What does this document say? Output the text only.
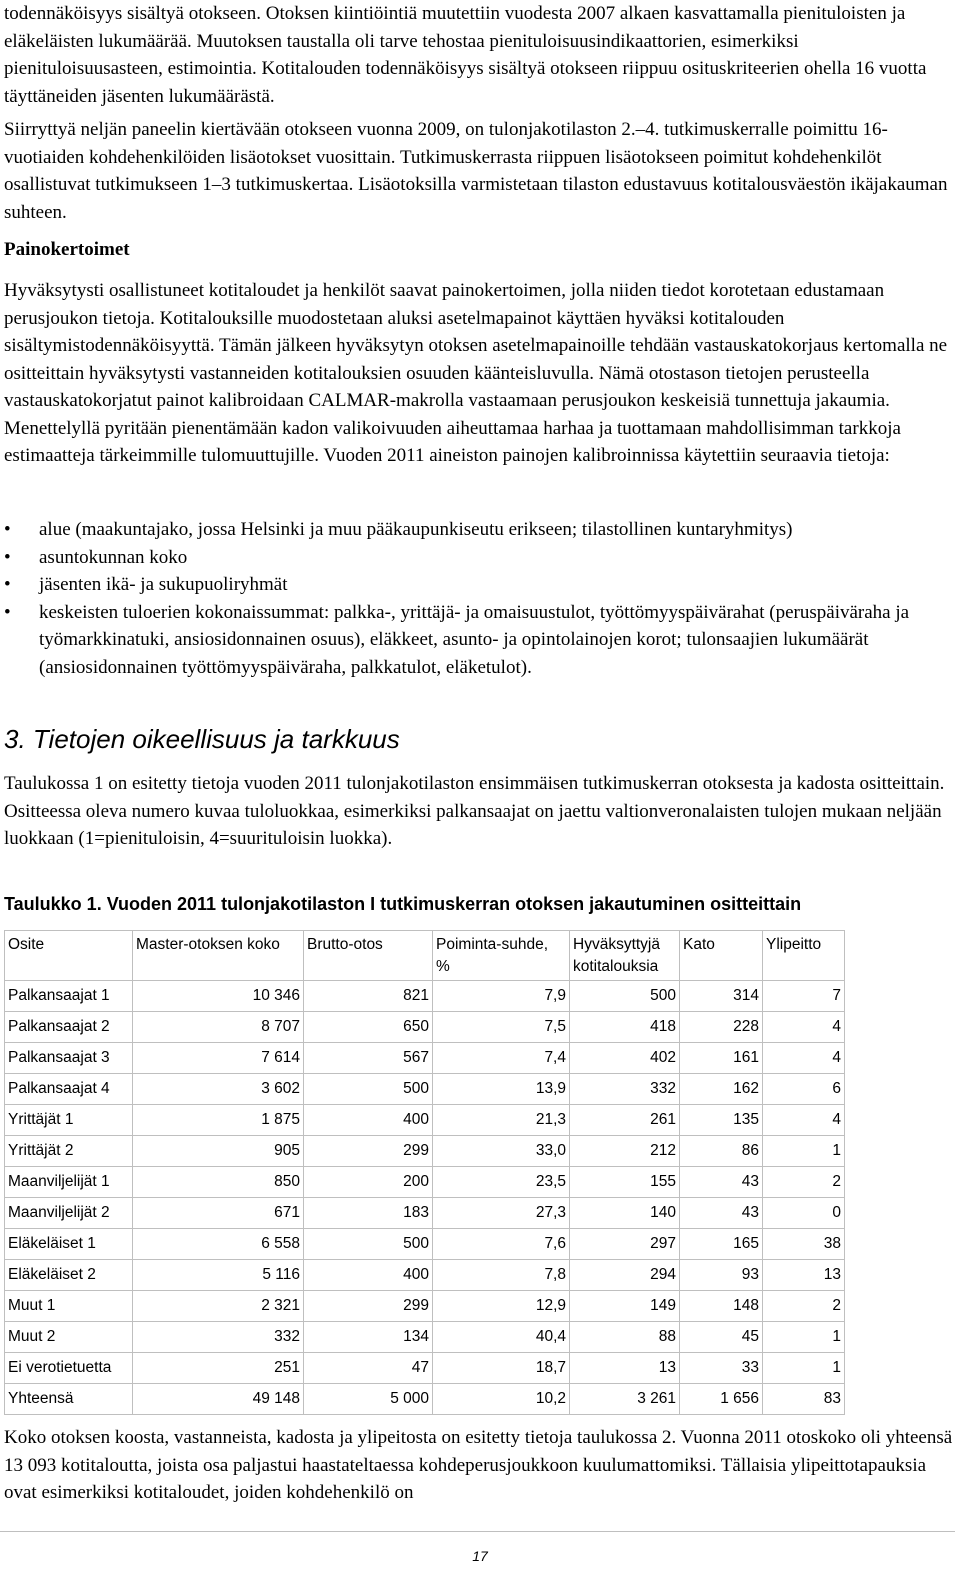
todennäköisyys sisältyä otokseen. Otoksen kiintiöintiä muutettiin vuodesta 2007 alkaen kasvattamalla pienituloisten ja eläkeläisten lukumäärää. Muutoksen taustalla oli tarve tehostaa pienituloisuusindikaattorien, esimerkiksi pienituloisuusasteen, estimointia. Kotitalouden todennäköisyys sisältyä otokseen riippuu osituskriteerien ohella 16 vuotta täyttäneiden jäsenten lukumäärästä.

Siirryttyä neljän paneelin kiertävään otokseen vuonna 2009, on tulonjakotilaston 2.–4. tutkimuskerralle poimittu 16-vuotiaiden kohdehenkilöiden lisäotokset vuosittain. Tutkimuskerrasta riippuen lisäotokseen poimitut kohdehenkilöt osallistuvat tutkimukseen 1–3 tutkimuskertaa. Lisäotoksilla varmistetaan tilaston edustavuus kotitalousväestön ikäjakauman suhteen.

Painokertoimet

Hyväksytysti osallistuneet kotitaloudet ja henkilöt saavat painokertoimen, jolla niiden tiedot korotetaan edustamaan perusjoukon tietoja. Kotitalouksille muodostetaan aluksi asetelmapainot käyttäen hyväksi kotitalouden sisältymistodennäköisyyttä. Tämän jälkeen hyväksytyn otoksen asetelmapainoille tehdään vastauskatokorjaus kertomalla ne ositteittain hyväksytysti vastanneiden kotitalouksien osuuden käänteisluvulla. Nämä otostason tietojen perusteella vastauskatokorjatut painot kalibroidaan CALMAR-makrolla vastaamaan perusjoukon keskeisiä tunnettuja jakaumia. Menettelyllä pyritään pienentämään kadon valikoivuuden aiheuttamaa harhaa ja tuottamaan mahdollisimman tarkkoja estimaatteja tärkeimmille tulomuuttujille. Vuoden 2011 aineiston painojen kalibroinnissa käytettiin seuraavia tietoja:

• alue (maakuntajako, jossa Helsinki ja muu pääkaupunkiseutu erikseen; tilastollinen kuntaryhmitys)
• asuntokunnan koko
• jäsenten ikä- ja sukupuoliryhmät
• keskeisten tuloerien kokonaissummat: palkka-, yrittäjä- ja omaisuustulot, työttömyyspäivärahat (peruspäiväraha ja työmarkkinatuki, ansiosidonnainen osuus), eläkkeet, asunto- ja opintolainojen korot; tulonsaajien lukumäärät (ansiosidonnainen työttömyyspäiväraha, palkkatulot, eläketulot).
3. Tietojen oikeellisuus ja tarkkuus

Taulukossa 1 on esitetty tietoja vuoden 2011 tulonjakotilaston ensimmäisen tutkimuskerran otoksesta ja kadosta ositteittain. Ositteessa oleva numero kuvaa tuloluokkaa, esimerkiksi palkansaajat on jaettu valtionveronalaisten tulojen mukaan neljään luokkaan (1=pienituloisin, 4=suurituloisin luokka).

Taulukko 1. Vuoden 2011 tulonjakotilaston I tutkimuskerran otoksen jakautuminen ositteittain
Osite	Master-otoksen koko	Brutto-otos	Poiminta-suhde, %	Hyväksyttyjä kotitalouksia	Kato	Ylipeitto
Palkansaajat 1	10 346	821	7,9	500	314	7
Palkansaajat 2	8 707	650	7,5	418	228	4
Palkansaajat 3	7 614	567	7,4	402	161	4
Palkansaajat 4	3 602	500	13,9	332	162	6
Yrittäjät 1	1 875	400	21,3	261	135	4
Yrittäjät 2	905	299	33,0	212	86	1
Maanviljelijät 1	850	200	23,5	155	43	2
Maanviljelijät 2	671	183	27,3	140	43	0
Eläkeläiset 1	6 558	500	7,6	297	165	38
Eläkeläiset 2	5 116	400	7,8	294	93	13
Muut 1	2 321	299	12,9	149	148	2
Muut 2	332	134	40,4	88	45	1
Ei verotietuetta	251	47	18,7	13	33	1
Yhteensä	49 148	5 000	10,2	3 261	1 656	83

Koko otoksen koosta, vastanneista, kadosta ja ylipeitosta on esitetty tietoja taulukossa 2. Vuonna 2011 otoskoko oli yhteensä 13 093 kotitaloutta, joista osa paljastui haastateltaessa kohdeperusjoukkoon kuulumattomiksi. Tällaisia ylipeittotapauksia ovat esimerkiksi kotitaloudet, joiden kohdehenkilö on

17
